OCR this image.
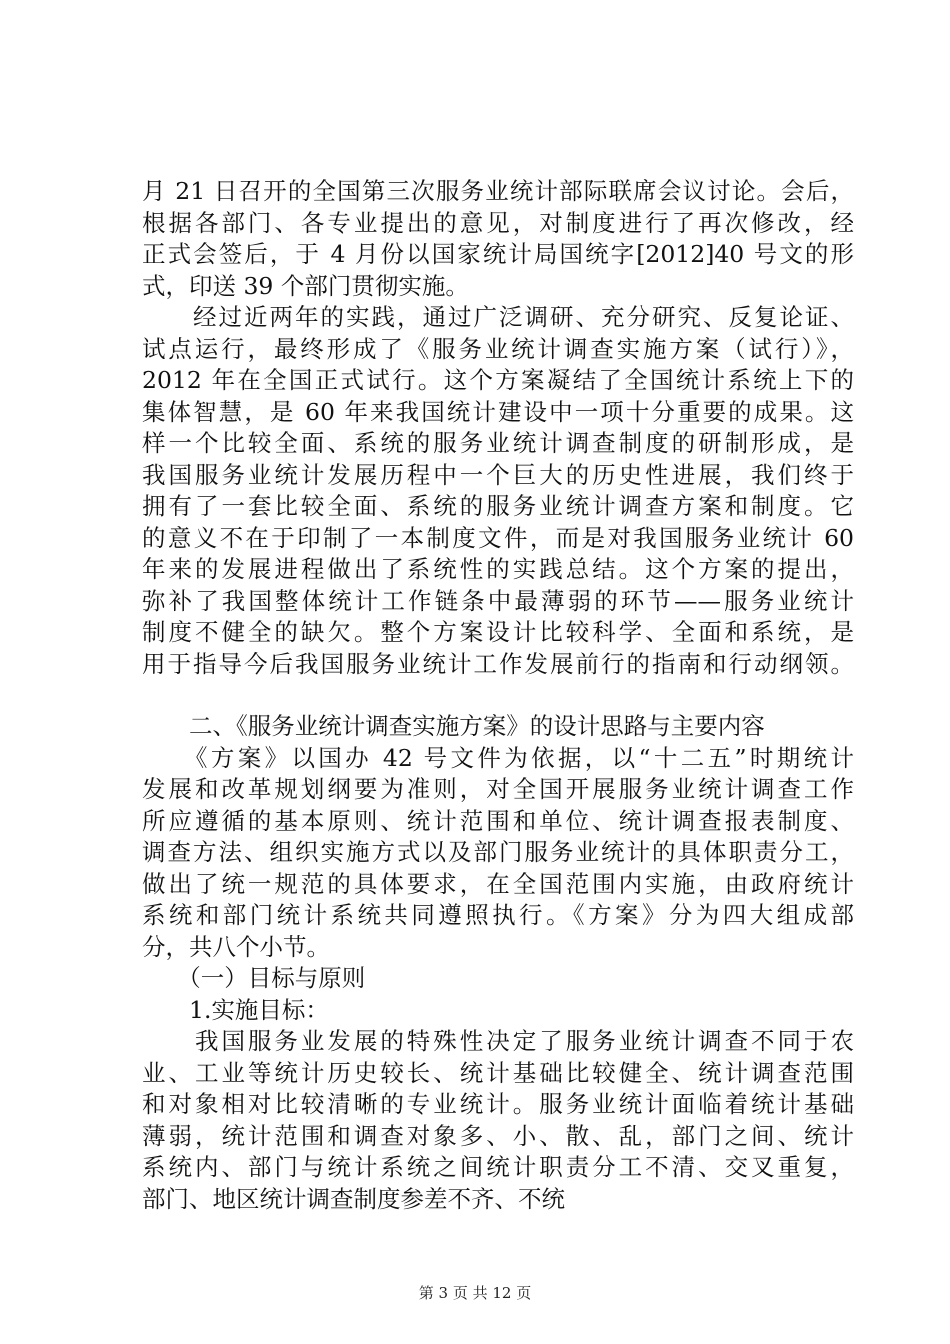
月 21 日召开的全国第三次服务业统计部际联席会议讨论。会后，
根据各部门、各专业提出的意见，对制度进行了再次修改，经
正式会签后，于 4 月份以国家统计局国统字[2012]40 号文的形
式，印送 39 个部门贯彻实施。
　　经过近两年的实践，通过广泛调研、充分研究、反复论证、
试点运行，最终形成了《服务业统计调查实施方案（试行）》，
2012 年在全国正式试行。这个方案凝结了全国统计系统上下的
集体智慧，是 60 年来我国统计建设中一项十分重要的成果。这
样一个比较全面、系统的服务业统计调查制度的研制形成，是
我国服务业统计发展历程中一个巨大的历史性进展，我们终于
拥有了一套比较全面、系统的服务业统计调查方案和制度。它
的意义不在于印制了一本制度文件，而是对我国服务业统计 60
年来的发展进程做出了系统性的实践总结。这个方案的提出，
弥补了我国整体统计工作链条中最薄弱的环节——服务业统计
制度不健全的缺欠。整个方案设计比较科学、全面和系统，是
用于指导今后我国服务业统计工作发展前行的指南和行动纲领。
　　二、《服务业统计调查实施方案》的设计思路与主要内容
　　《方案》以国办 42 号文件为依据，以“十二五”时期统计
发展和改革规划纲要为准则，对全国开展服务业统计调查工作
所应遵循的基本原则、统计范围和单位、统计调查报表制度、
调查方法、组织实施方式以及部门服务业统计的具体职责分工，
做出了统一规范的具体要求，在全国范围内实施，由政府统计
系统和部门统计系统共同遵照执行。《方案》分为四大组成部
分，共八个小节。
　　（一）目标与原则
　　1.实施目标：
　　我国服务业发展的特殊性决定了服务业统计调查不同于农
业、工业等统计历史较长、统计基础比较健全、统计调查范围
和对象相对比较清晰的专业统计。服务业统计面临着统计基础
薄弱，统计范围和调查对象多、小、散、乱，部门之间、统计
系统内、部门与统计系统之间统计职责分工不清、交叉重复，
部门、地区统计调查制度参差不齐、不统
第 3 页 共 12 页
